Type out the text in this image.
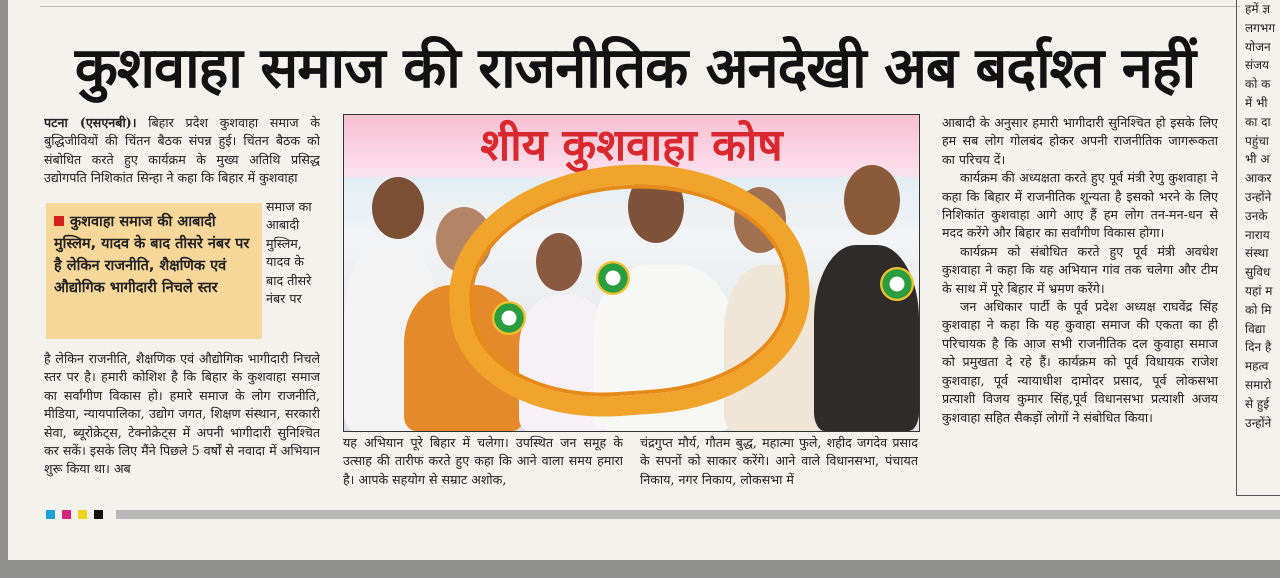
कुशवाहा समाज की राजनीतिक अनदेखी अब बर्दाश्त नहीं

पटना (एसएनबी)। बिहार प्रदेश कुशवाहा समाज के बुद्धिजीवियों की चिंतन बैठक संपन्न हुई। चिंतन बैठक को संबोधित करते हुए कार्यक्रम के मुख्य अतिथि प्रसिद्ध उद्योगपति निशिकांत सिन्हा ने कहा कि बिहार में कुशवाहा

कुशवाहा समाज की आबादी मुस्लिम, यादव के बाद तीसरे नंबर पर है लेकिन राजनीति, शैक्षणिक एवं औद्योगिक भागीदारी निचले स्तर
समाज का आबादी मुस्लिम, यादव के बाद तीसरे नंबर पर

है लेकिन राजनीति, शैक्षणिक एवं औद्योगिक भागीदारी निचले स्तर पर है। हमारी कोशिश है कि बिहार के कुशवाहा समाज का सर्वांगीण विकास हो। हमारे समाज के लोग राजनीति, मीडिया, न्यायपालिका, उद्योग जगत, शिक्षण संस्थान, सरकारी सेवा, ब्यूरोक्रेट्स, टेक्नोक्रेट्स में अपनी भागीदारी सुनिश्चित कर सकें। इसके लिए मैंने पिछले 5 वर्षों से नवादा में अभियान शुरू किया था। अब

शीय कुशवाहा कोष
यह अभियान पूरे बिहार में चलेगा। उपस्थित जन समूह के उत्साह की तारीफ करते हुए कहा कि आने वाला समय हमारा है। आपके सहयोग से सम्राट अशोक,
चंद्रगुप्त मौर्य, गौतम बुद्ध, महात्मा फुले, शहीद जगदेव प्रसाद के सपनों को साकार करेंगे। आने वाले विधानसभा, पंचायत निकाय, नगर निकाय, लोकसभा में

आबादी के अनुसार हमारी भागीदारी सुनिश्चित हो इसके लिए हम सब लोग गोलबंद होकर अपनी राजनीतिक जागरूकता का परिचय दें।

कार्यक्रम की अध्यक्षता करते हुए पूर्व मंत्री रेणु कुशवाहा ने कहा कि बिहार में राजनीतिक शून्यता है इसको भरने के लिए निशिकांत कुशवाहा आगे आए हैं हम लोग तन-मन-धन से मदद करेंगे और बिहार का सर्वांगीण विकास होगा।

कार्यक्रम को संबोधित करते हुए पूर्व मंत्री अवधेश कुशवाहा ने कहा कि यह अभियान गांव तक चलेगा और टीम के साथ में पूरे बिहार में भ्रमण करेंगे।

जन अधिकार पार्टी के पूर्व प्रदेश अध्यक्ष राघवेंद्र सिंह कुशवाहा ने कहा कि यह कुवाहा समाज की एकता का ही परिचायक है कि आज सभी राजनीतिक दल कुवाहा समाज को प्रमुखता दे रहे हैं। कार्यक्रम को पूर्व विधायक राजेश कुशवाहा, पूर्व न्यायाधीश दामोदर प्रसाद, पूर्व लोकसभा प्रत्याशी विजय कुमार सिंह,पूर्व विधानसभा प्रत्याशी अजय कुशवाहा सहित सैकड़ों लोगों ने संबोधित किया।

हमें ज्ञ
लगभग
योजन
संजय
को क
में भी
का दा
पहुंचा
भी अ
आकर
उन्होंने
उनके
नाराय
संस्था
सुविध
यहां म
को मि
विद्या
दिन है
महत्व
समारो
से हुई
उन्होंने
